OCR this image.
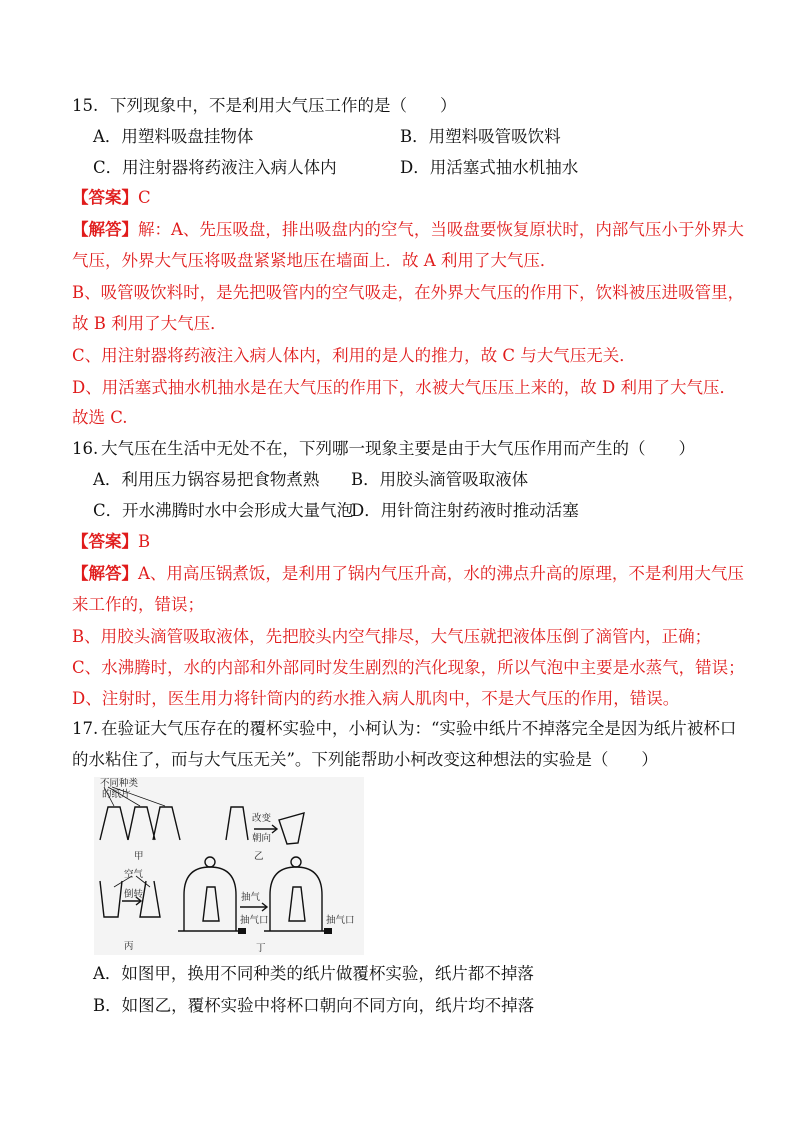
15. 下列现象中，不是利用大气压工作的是（　　）
A．用塑料吸盘挂物体	B．用塑料吸管吸饮料
C．用注射器将药液注入病人体内	D．用活塞式抽水机抽水
【答案】C
【解答】解：A、先压吸盘，排出吸盘内的空气，当吸盘要恢复原状时，内部气压小于外界大
气压，外界大气压将吸盘紧紧地压在墙面上．故 A 利用了大气压．
B、吸管吸饮料时，是先把吸管内的空气吸走，在外界大气压的作用下，饮料被压进吸管里，
故 B 利用了大气压．
C、用注射器将药液注入病人体内，利用的是人的推力，故 C 与大气压无关．
D、用活塞式抽水机抽水是在大气压的作用下，水被大气压压上来的，故 D 利用了大气压．
故选 C.
16. 大气压在生活中无处不在，下列哪一现象主要是由于大气压作用而产生的（　　）
A．利用压力锅容易把食物煮熟 B．用胶头滴管吸取液体
C．开水沸腾时水中会形成大量气泡
D．用针筒注射药液时推动活塞
【答案】B
【解答】A、用高压锅煮饭，是利用了锅内气压升高，水的沸点升高的原理，不是利用大气压
来工作的，错误；
B、用胶头滴管吸取液体，先把胶头内空气排尽，大气压就把液体压倒了滴管内，正确；
C、水沸腾时，水的内部和外部同时发生剧烈的汽化现象，所以气泡中主要是水蒸气，错误；
D、注射时，医生用力将针筒内的药水推入病人肌肉中，不是大气压的作用，错误。
17. 在验证大气压存在的覆杯实验中，小柯认为：“实验中纸片不掉落完全是因为纸片被杯口
的水粘住了，而与大气压无关”。下列能帮助小柯改变这种想法的实验是（　　）
不同种类
的纸片
甲
改变
朝向
乙
空气
倒转
丙
抽气
抽气口	抽气口
丁
A．如图甲，换用不同种类的纸片做覆杯实验，纸片都不掉落
B．如图乙，覆杯实验中将杯口朝向不同方向，纸片均不掉落
